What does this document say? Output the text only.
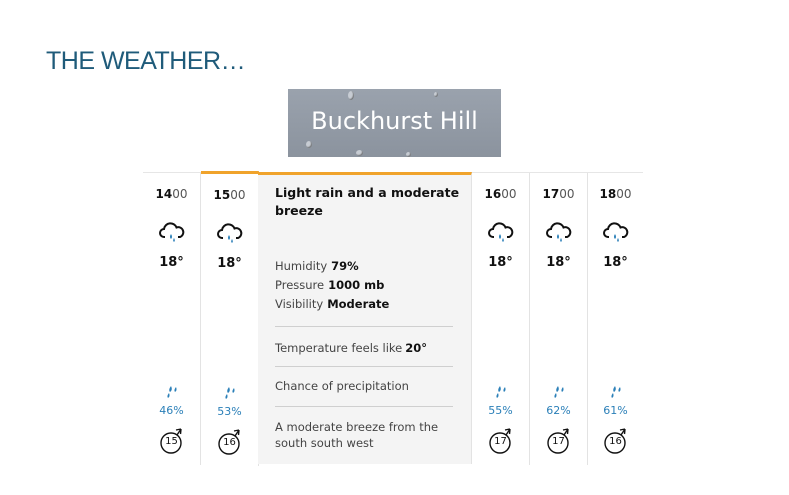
THE WEATHER…
Buckhurst Hill
1400
18°
46%
15
1500
18°
53%
16
1600
18°
55%
17
1700
18°
62%
17
1800
18°
61%
16
Light rain and a moderate breeze
Humidity 79%
Pressure 1000 mb
Visibility Moderate
Temperature feels like 20°
Chance of precipitation
A moderate breeze from the south south west
